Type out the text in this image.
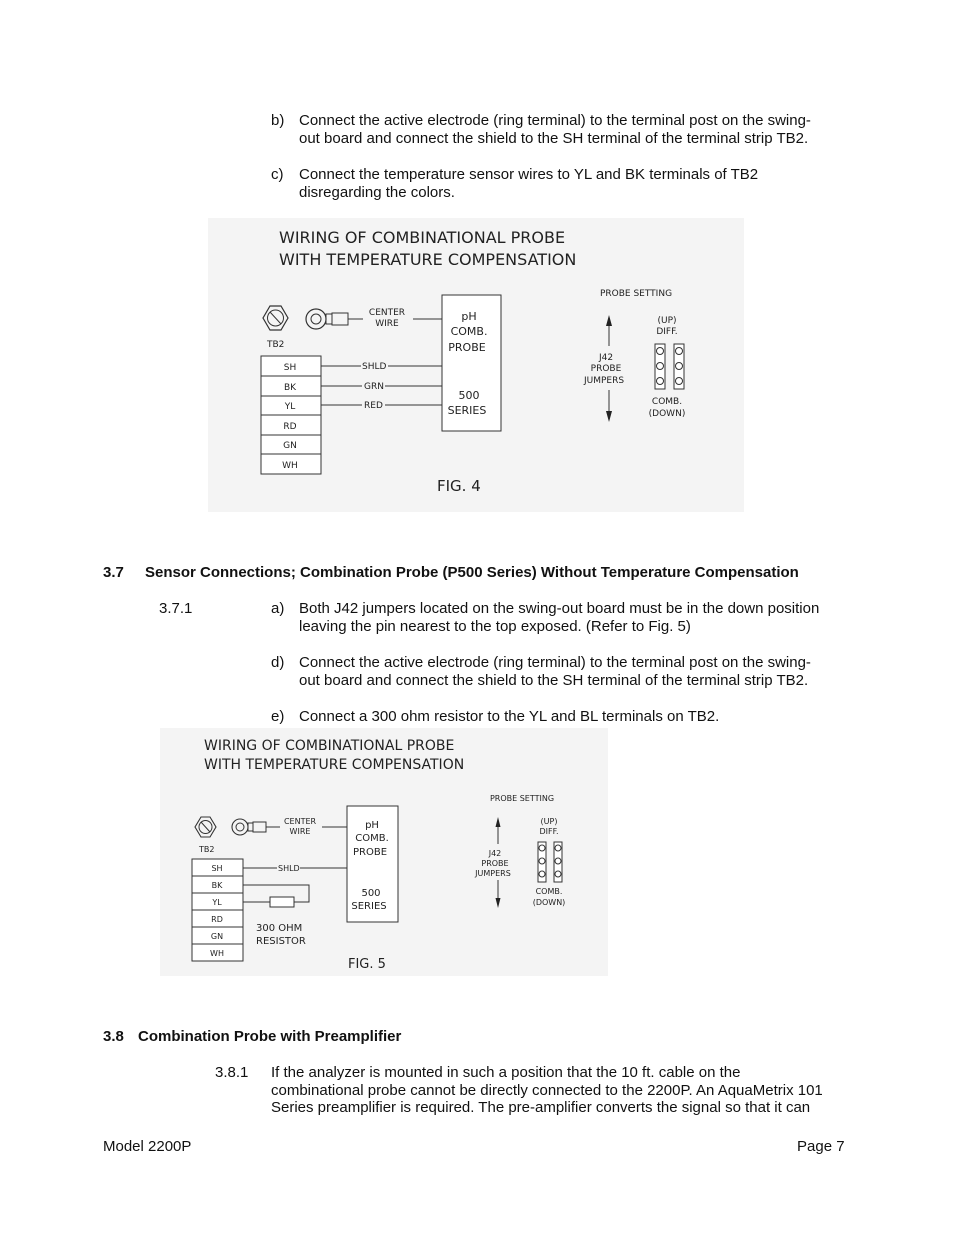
b) Connect the active electrode (ring terminal) to the terminal post on the swing-
out board and connect the shield to the SH terminal of the terminal strip TB2.
c) Connect the temperature sensor wires to YL and BK terminals of TB2
disregarding the colors.
WIRING OF COMBINATIONAL PROBE
WITH TEMPERATURE COMPENSATION
TB2
CENTER
WIRE
SH
BK
YL
RD
GN
WH
SHLD
GRN
RED
pH
COMB.
PROBE
500
SERIES
PROBE SETTING
J42
PROBE
JUMPERS
(UP)
DIFF.
COMB.
(DOWN)
FIG. 4
3.7 Sensor Connections; Combination Probe (P500 Series) Without Temperature Compensation
3.7.1	a) Both J42 jumpers located on the swing-out board must be in the down position
leaving the pin nearest to the top exposed. (Refer to Fig. 5)
d) Connect the active electrode (ring terminal) to the terminal post on the swing-
out board and connect the shield to the SH terminal of the terminal strip TB2.
e) Connect a 300 ohm resistor to the YL and BL terminals on TB2.
WIRING OF COMBINATIONAL PROBE
WITH TEMPERATURE COMPENSATION
TB2
CENTER
WIRE
SH
BK
YL
RD
GN
WH
SHLD
300 OHM
RESISTOR
pH
COMB.
PROBE
500
SERIES
PROBE SETTING
J42
PROBE
JUMPERS
(UP)
DIFF.
COMB.
(DOWN)
FIG. 5
3.8 Combination Probe with Preamplifier
3.8.1 If the analyzer is mounted in such a position that the 10 ft. cable on the
combinational probe cannot be directly connected to the 2200P. An AquaMetrix 101
Series preamplifier is required. The pre-amplifier converts the signal so that it can
Model 2200P	Page 7
